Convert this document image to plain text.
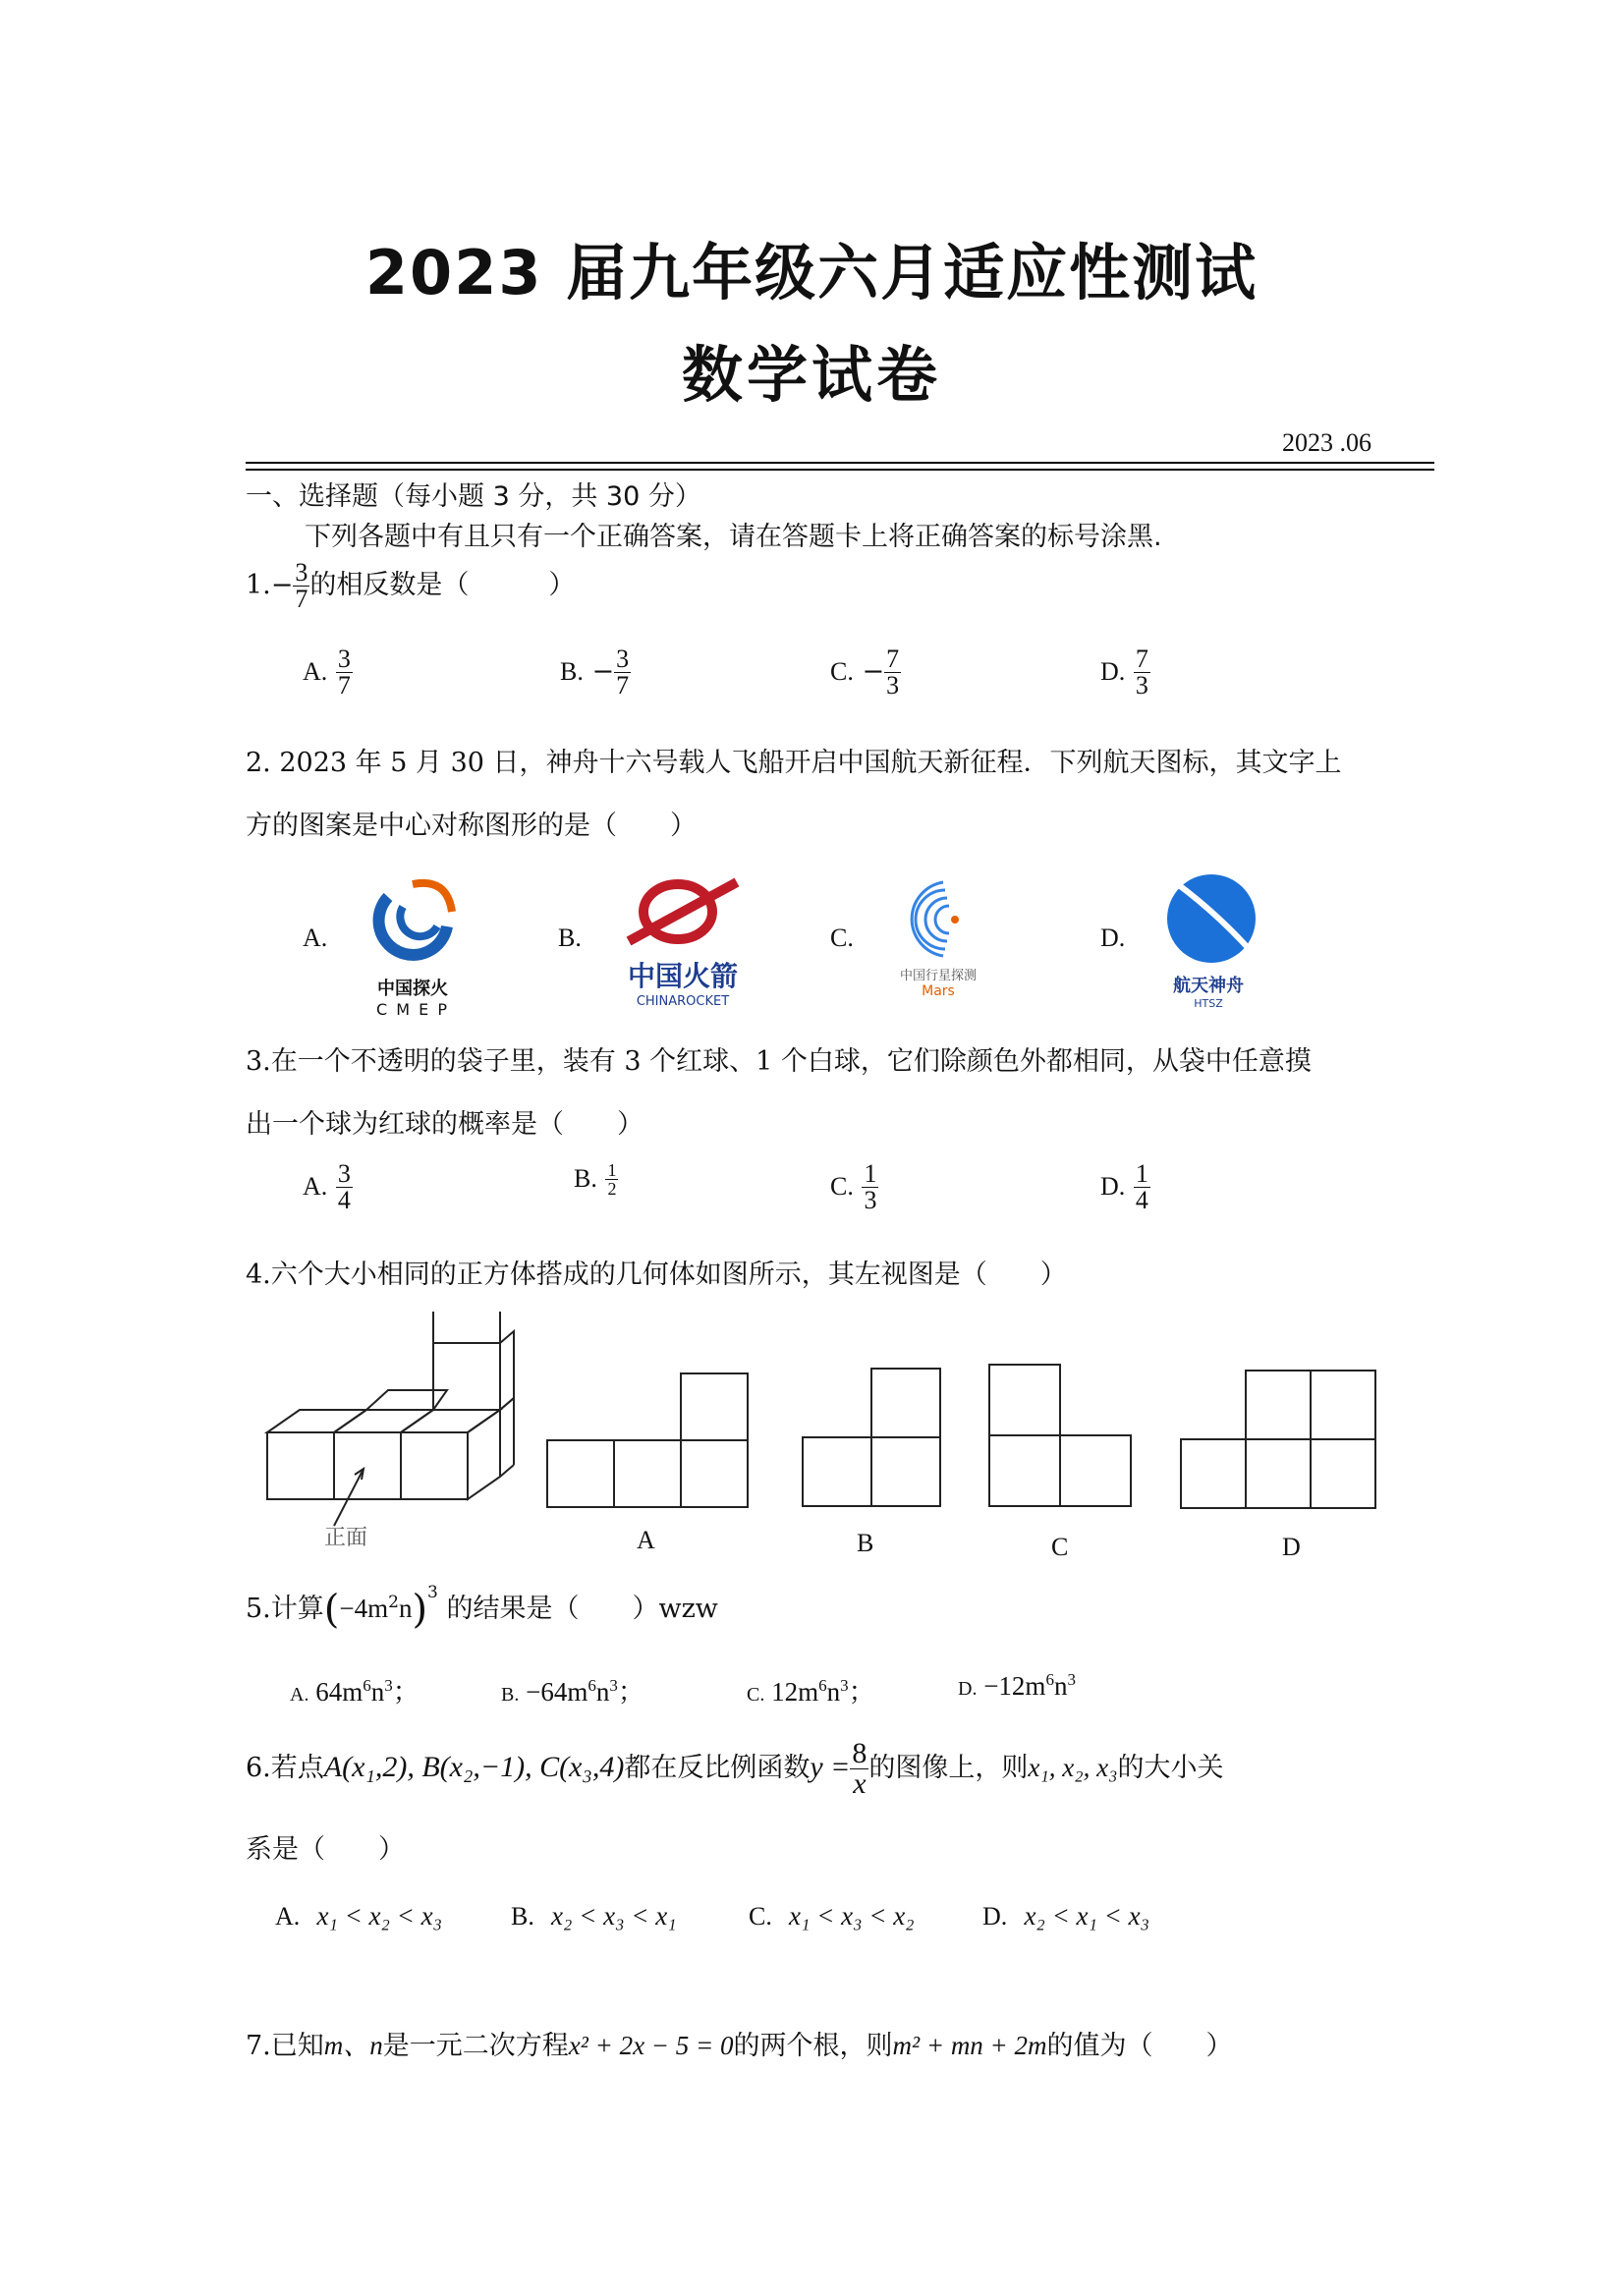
2023 届九年级六月适应性测试
数学试卷
2023 .06
一、选择题（每小题 3 分，共 30 分）
下列各题中有且只有一个正确答案，请在答题卡上将正确答案的标号涂黑.
$1.- \frac{3}{7}$ 的相反数是（　　　）
A. $\frac{3}{7}$	B. − $\frac{3}{7}$	C. − $\frac{7}{3}$	D. $\frac{7}{3}$
2. 2023 年 5 月 30 日，神舟十六号载人飞船开启中国航天新征程．下列航天图标，其文字上
方的图案是中心对称图形的是（　　）
A.
中国探火
C M E P
B.
中国火箭
CHINAROCKET
C.
中国行星探测
Mars
D.
航天神舟
HTSZ
3.在一个不透明的袋子里，装有 3 个红球、1 个白球，它们除颜色外都相同，从袋中任意摸
出一个球为红球的概率是（　　）
A. $\frac{3}{4}$	B. $\frac{1}{2}$	C. $\frac{1}{3}$	D. $\frac{1}{4}$
4.六个大小相同的正方体搭成的几何体如图所示，其左视图是（　　）
正面	A	B	C	D
5.计算$(-4m^2n)^3$ 的结果是（　　）wzw
A. $64m^6n^3$；	B. $-64m^6n^3$；	C. $12m^6n^3$；	D. $-12m^6n^3$
6.若点A(x₁,2), B(x₂,−1), C(x₃,4)都在反比例函数$y = \frac{8}{x}$ 的图像上，则x₁, x₂, x₃的大小关
系是（　　）
A. x₁ < x₂ < x₃	B. x₂ < x₃ < x₁	C. x₁ < x₃ < x₂	D. x₂ < x₁ < x₃
7.已知m、n是一元二次方程x² + 2x − 5 = 0的两个根，则m² + mn + 2m的值为（　　）
